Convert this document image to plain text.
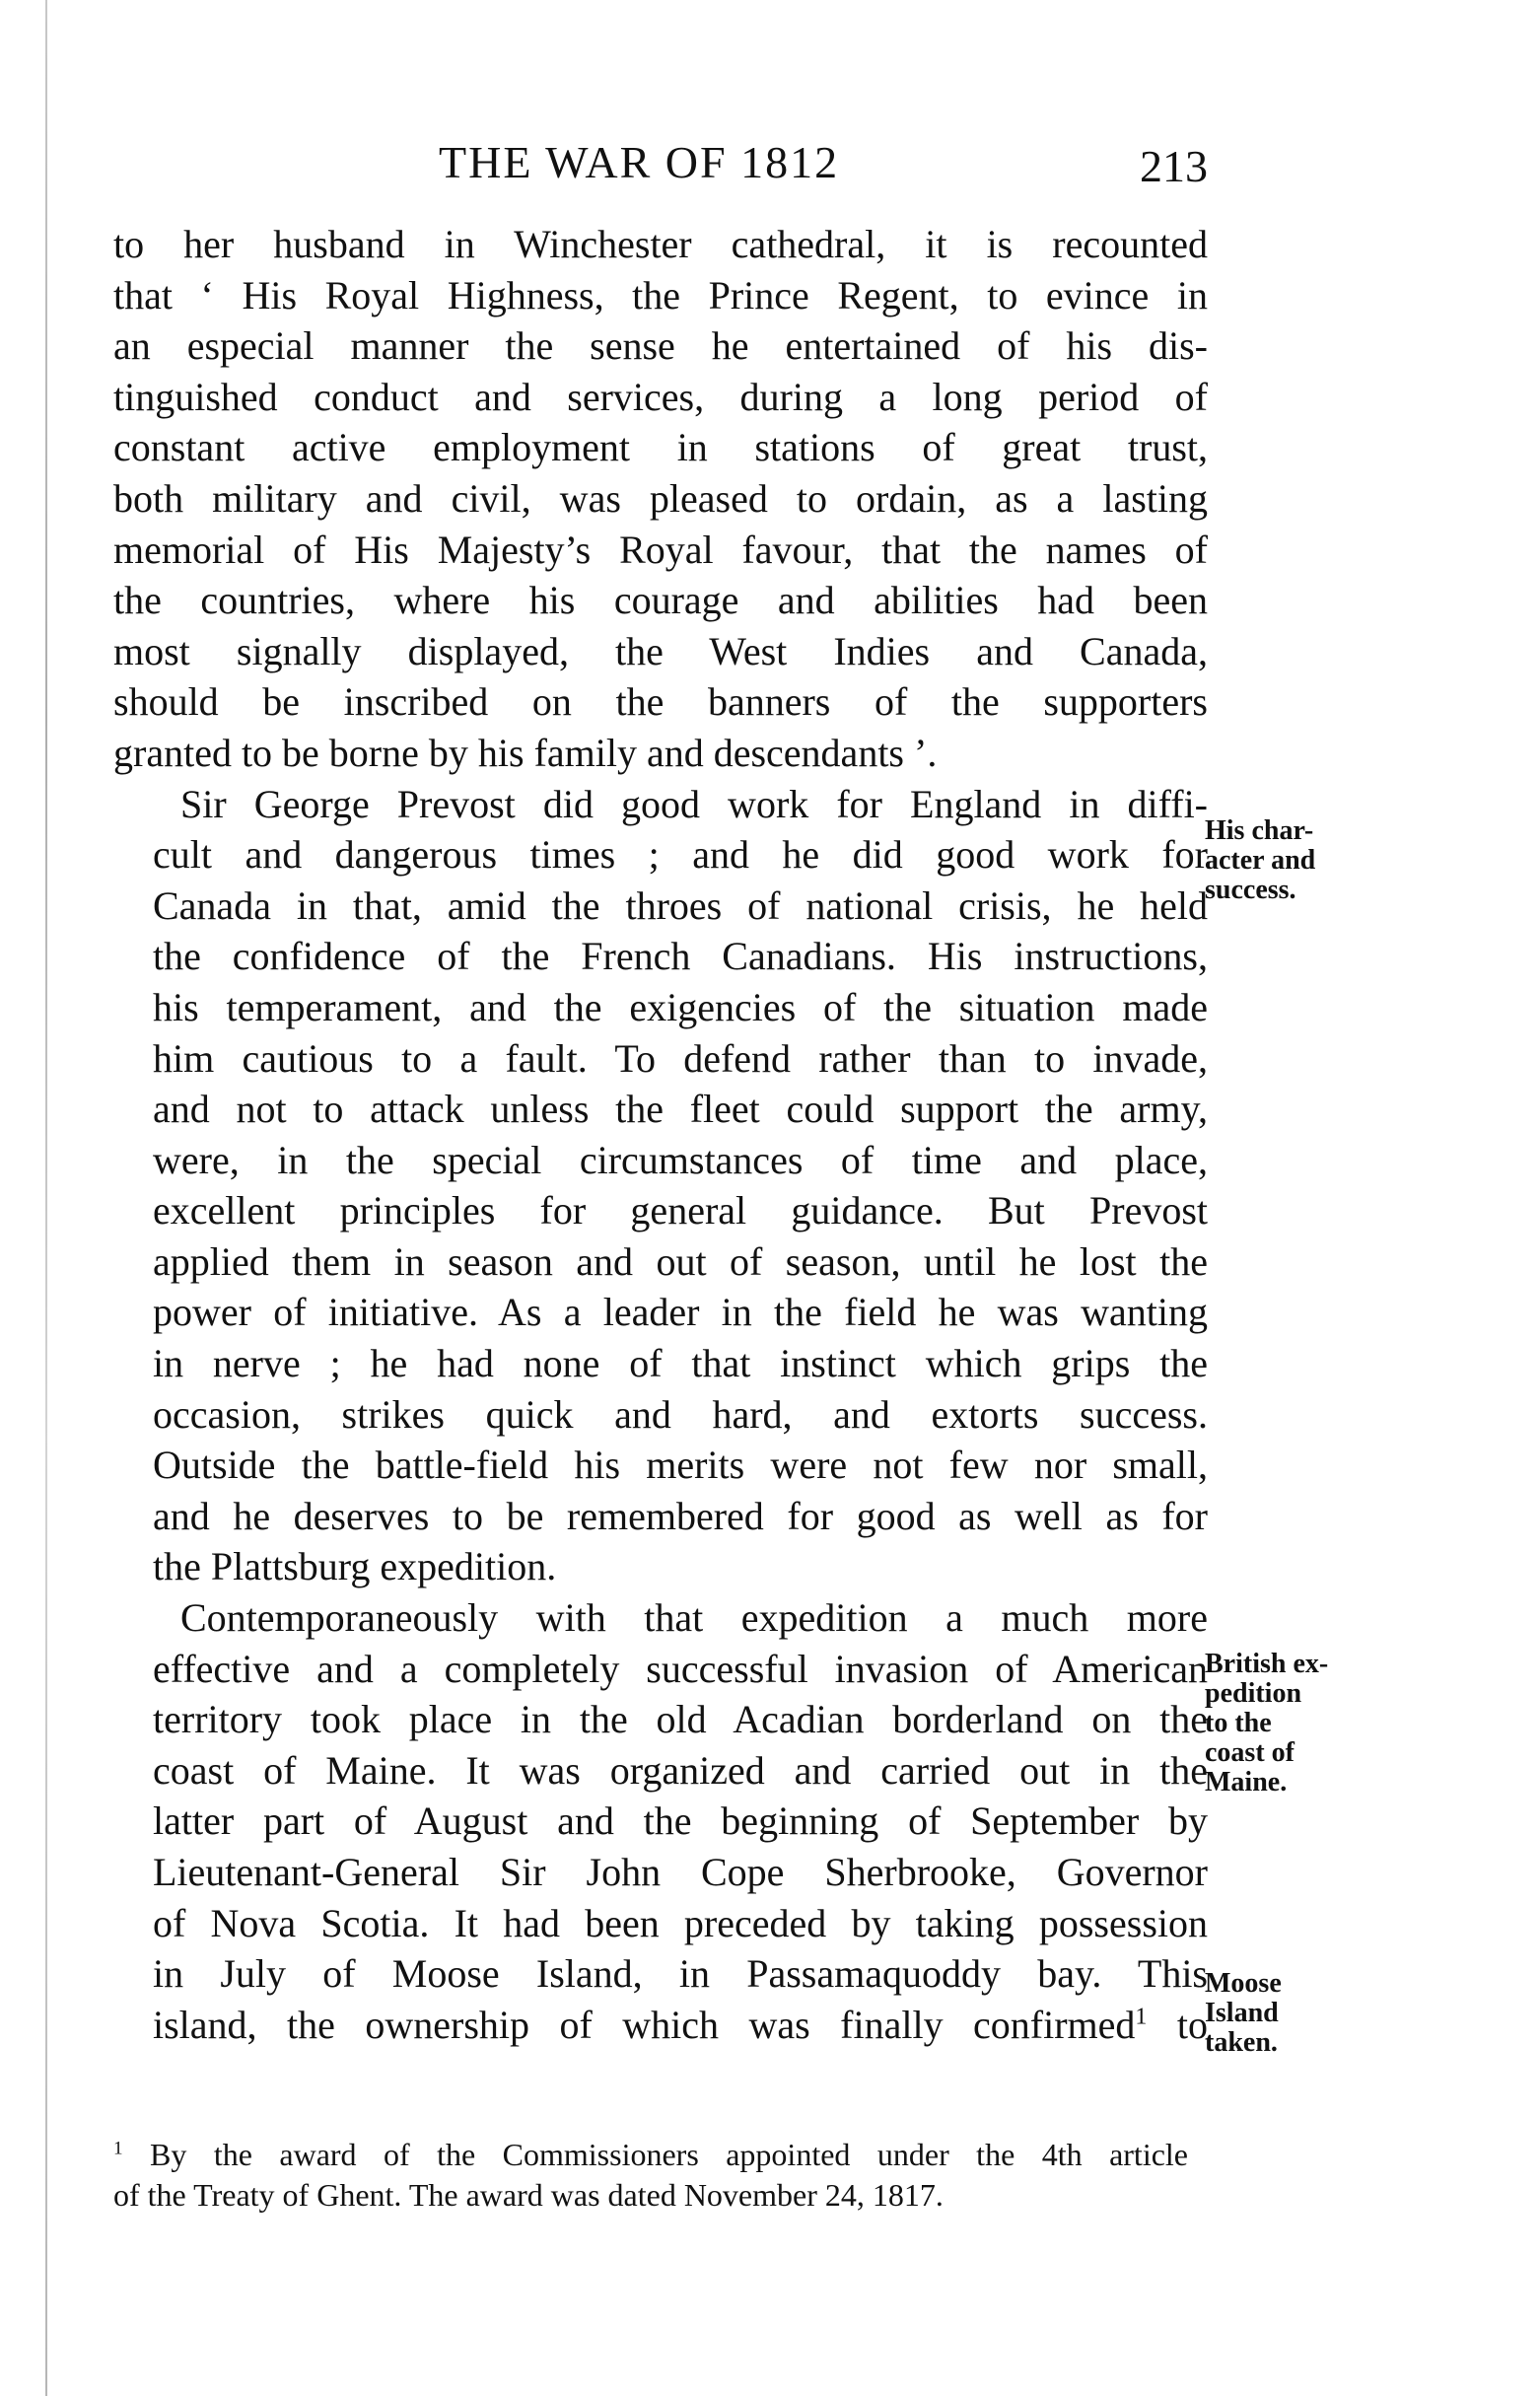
THE WAR OF 1812	213
to her husband in Winchester cathedral, it is recounted
that ‘ His Royal Highness, the Prince Regent, to evince in
an especial manner the sense he entertained of his dis-
tinguished conduct and services, during a long period of
constant active employment in stations of great trust,
both military and civil, was pleased to ordain, as a lasting
memorial of His Majesty’s Royal favour, that the names of
the countries, where his courage and abilities had been
most signally displayed, the West Indies and Canada,
should be inscribed on the banners of the supporters
granted to be borne by his family and descendants ’.
Sir George Prevost did good work for England in diffi-
cult and dangerous times ; and he did good work for
Canada in that, amid the throes of national crisis, he held
the confidence of the French Canadians. His instructions,
his temperament, and the exigencies of the situation made
him cautious to a fault. To defend rather than to invade,
and not to attack unless the fleet could support the army,
were, in the special circumstances of time and place,
excellent principles for general guidance. But Prevost
applied them in season and out of season, until he lost the
power of initiative. As a leader in the field he was wanting
in nerve ; he had none of that instinct which grips the
occasion, strikes quick and hard, and extorts success.
Outside the battle-field his merits were not few nor small,
and he deserves to be remembered for good as well as for
the Plattsburg expedition.
Contemporaneously with that expedition a much more
effective and a completely successful invasion of American
territory took place in the old Acadian borderland on the
coast of Maine. It was organized and carried out in the
latter part of August and the beginning of September by
Lieutenant-General Sir John Cope Sherbrooke, Governor
of Nova Scotia. It had been preceded by taking possession
in July of Moose Island, in Passamaquoddy bay. This
island, the ownership of which was finally confirmed$^1$ to
His char-
acter and
success.
British ex-
pedition
to the
coast of
Maine.
Moose
Island
taken.
$^1$ By the award of the Commissioners appointed under the 4th article
of the Treaty of Ghent. The award was dated November 24, 1817.
